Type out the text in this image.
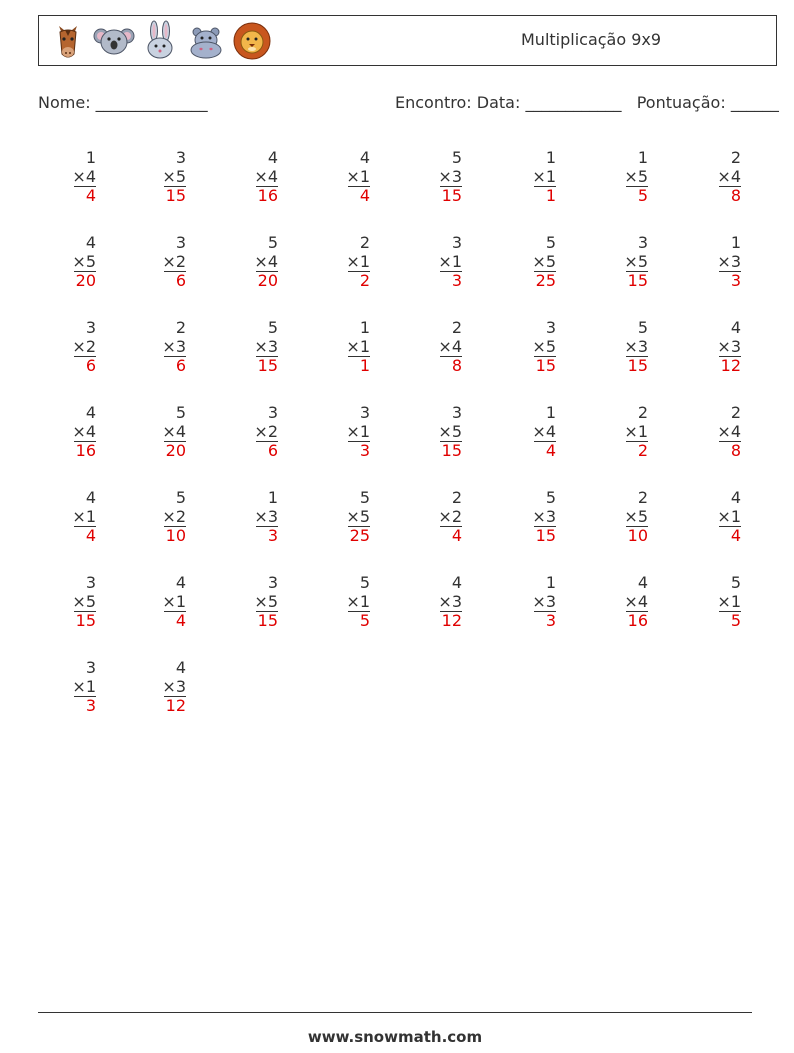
Multiplicação 9x9
Nome: ______________	Encontro: Data: ____________ Pontuação: ______
1
×4
4
3
×5
15
4
×4
16
4
×1
4
5
×3
15
1
×1
1
1
×5
5
2
×4
8
4
×5
20
3
×2
6
5
×4
20
2
×1
2
3
×1
3
5
×5
25
3
×5
15
1
×3
3
3
×2
6
2
×3
6
5
×3
15
1
×1
1
2
×4
8
3
×5
15
5
×3
15
4
×3
12
4
×4
16
5
×4
20
3
×2
6
3
×1
3
3
×5
15
1
×4
4
2
×1
2
2
×4
8
4
×1
4
5
×2
10
1
×3
3
5
×5
25
2
×2
4
5
×3
15
2
×5
10
4
×1
4
3
×5
15
4
×1
4
3
×5
15
5
×1
5
4
×3
12
1
×3
3
4
×4
16
5
×1
5
3
×1
3
4
×3
12
www.snowmath.com
